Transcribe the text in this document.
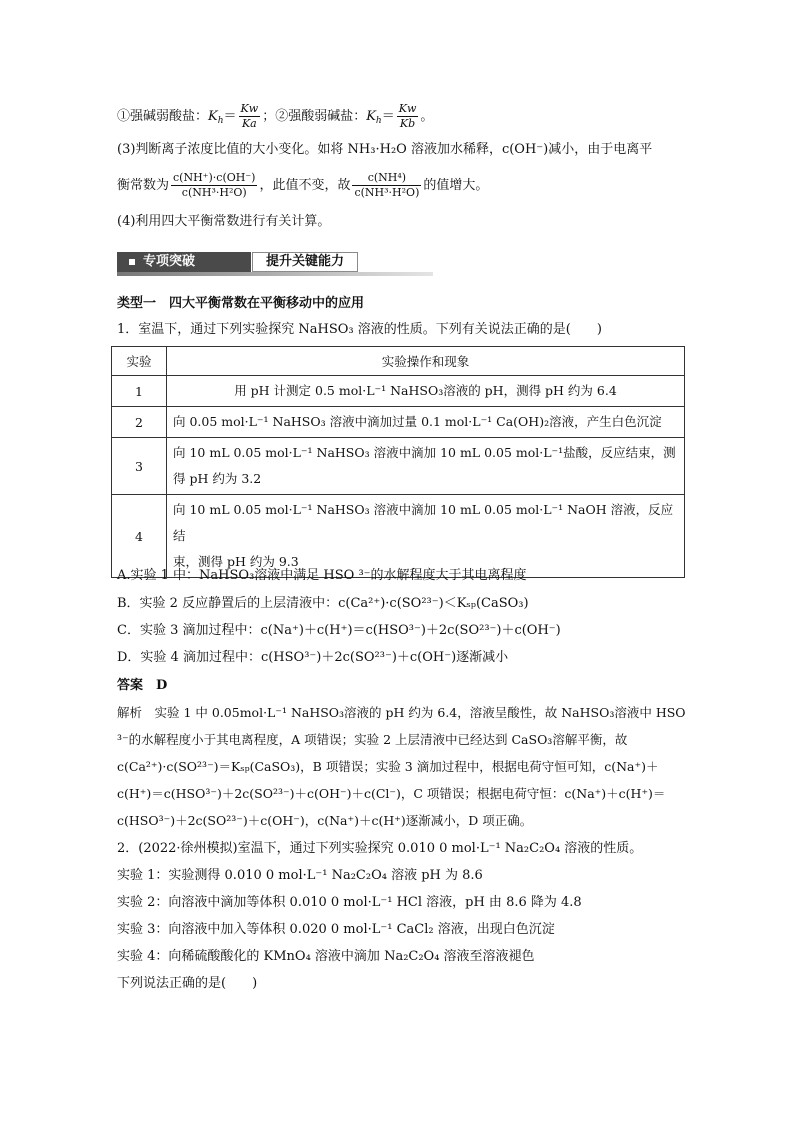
①强碱弱酸盐：$K_h= \frac{Kw}{Ka}$ ；②强酸弱碱盐：$K_h= \frac{Kw}{Kb}$ 。
(3)判断离子浓度比值的大小变化。如将 NH₃·H₂O 溶液加水稀释，c(OH⁻)减小，由于电离平
衡常数为 $\frac{c(NH^+)\cdot c(OH^-)}{\text{c(NH³·H²O)}}$ ，此值不变，故 $\frac{\text{c(NH⁴)}}{\text{c(NH³·H²O)}}$ 的值增大。
(4)利用四大平衡常数进行有关计算。
专项突破	提升关键能力
类型一　四大平衡常数在平衡移动中的应用
1．室温下，通过下列实验探究 NaHSO₃ 溶液的性质。下列有关说法正确的是(　　)
实验	实验操作和现象
1	用 pH 计测定 0.5 mol·L⁻¹ NaHSO₃溶液的 pH，测得 pH 约为 6.4
2	向 0.05 mol·L⁻¹ NaHSO₃ 溶液中滴加过量 0.1 mol·L⁻¹ Ca(OH)₂溶液，产生白色沉淀
3	向 10 mL 0.05 mol·L⁻¹ NaHSO₃ 溶液中滴加 10 mL 0.05 mol·L⁻¹盐酸，反应结束，测
得 pH 约为 3.2

4	向 10 mL 0.05 mol·L⁻¹ NaHSO₃ 溶液中滴加 10 mL 0.05 mol·L⁻¹ NaOH 溶液，反应结
束，测得 pH 约为 9.3
A.实验 1 中：NaHSO₃溶液中满足 HSO ³⁻的水解程度大于其电离程度
B．实验 2 反应静置后的上层清液中：c(Ca²⁺)·c(SO²³⁻)＜Kₛₚ(CaSO₃)
C．实验 3 滴加过程中：c(Na⁺)＋c(H⁺)＝c(HSO³⁻)＋2c(SO²³⁻)＋c(OH⁻)
D．实验 4 滴加过程中：c(HSO³⁻)＋2c(SO²³⁻)＋c(OH⁻)逐渐减小
答案　D
解析　实验 1 中 0.05mol·L⁻¹ NaHSO₃溶液的 pH 约为 6.4，溶液呈酸性，故 NaHSO₃溶液中 HSO
³⁻的水解程度小于其电离程度，A 项错误；实验 2 上层清液中已经达到 CaSO₃溶解平衡，故
c(Ca²⁺)·c(SO²³⁻)＝Kₛₚ(CaSO₃)，B 项错误；实验 3 滴加过程中，根据电荷守恒可知，c(Na⁺)＋
c(H⁺)＝c(HSO³⁻)＋2c(SO²³⁻)＋c(OH⁻)＋c(Cl⁻)，C 项错误；根据电荷守恒：c(Na⁺)＋c(H⁺)＝
c(HSO³⁻)＋2c(SO²³⁻)＋c(OH⁻)，c(Na⁺)＋c(H⁺)逐渐减小，D 项正确。
2．(2022·徐州模拟)室温下，通过下列实验探究 0.010 0 mol·L⁻¹ Na₂C₂O₄ 溶液的性质。
实验 1：实验测得 0.010 0 mol·L⁻¹ Na₂C₂O₄ 溶液 pH 为 8.6
实验 2：向溶液中滴加等体积 0.010 0 mol·L⁻¹ HCl 溶液，pH 由 8.6 降为 4.8
实验 3：向溶液中加入等体积 0.020 0 mol·L⁻¹ CaCl₂ 溶液，出现白色沉淀
实验 4：向稀硫酸酸化的 KMnO₄ 溶液中滴加 Na₂C₂O₄ 溶液至溶液褪色
下列说法正确的是(　　)
